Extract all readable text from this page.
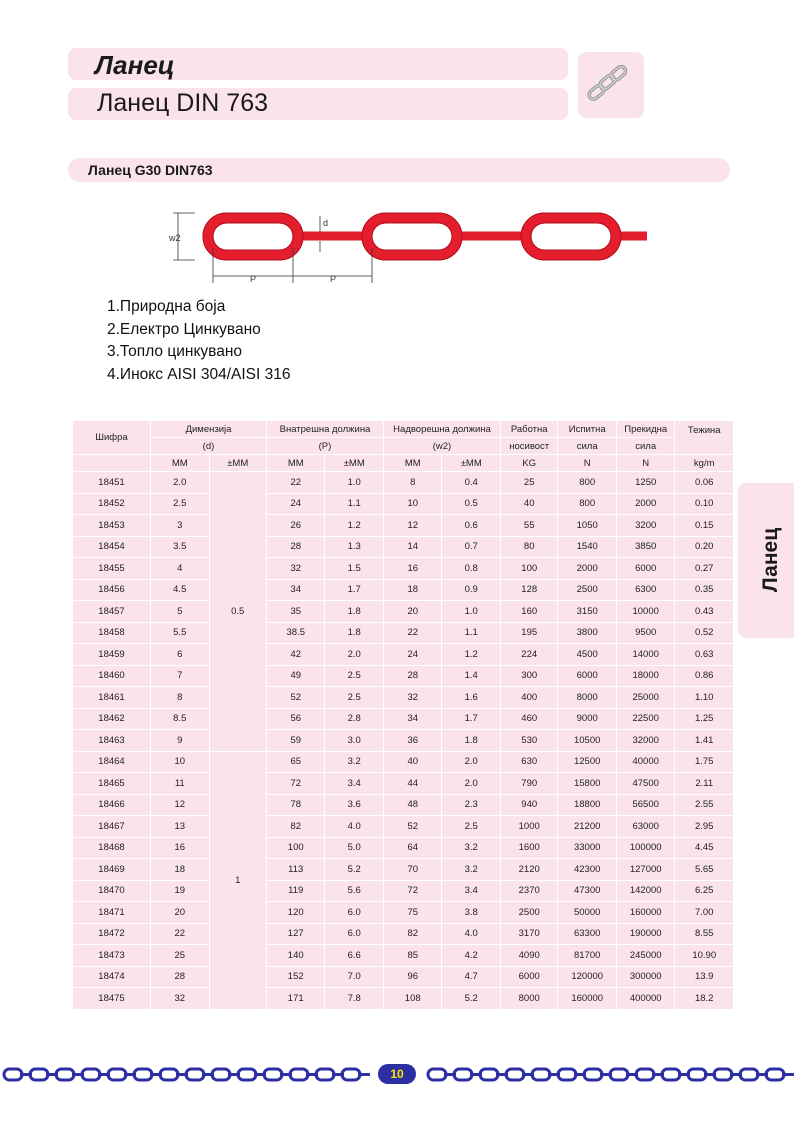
Ланец
Ланец DIN 763
Ланец G30 DIN763
w2
d
P	P
1.Природна боја
2.Електро Цинкувано
3.Топло цинкувано
4.Инокс AISI 304/AISI 316
Ланец
Шифра	Димензија		Внатрешна должина		Надворешна должина		Работна	Испитна	Прекидна	Тежина
	(d)		(P)		(w2)		носивост	сила	сила	
	MM	±MM	MM	±MM	MM	±MM	KG	N	N	kg/m
18451	2.0	0.5	22	1.0	8	0.4	25	800	1250	0.06
18452	2.5		24	1.1	10	0.5	40	800	2000	0.10
18453	3		26	1.2	12	0.6	55	1050	3200	0.15
18454	3.5		28	1.3	14	0.7	80	1540	3850	0.20
18455	4		32	1.5	16	0.8	100	2000	6000	0.27
18456	4.5		34	1.7	18	0.9	128	2500	6300	0.35
18457	5		35	1.8	20	1.0	160	3150	10000	0.43
18458	5.5		38.5	1.8	22	1.1	195	3800	9500	0.52
18459	6		42	2.0	24	1.2	224	4500	14000	0.63
18460	7		49	2.5	28	1.4	300	6000	18000	0.86
18461	8		52	2.5	32	1.6	400	8000	25000	1.10
18462	8.5		56	2.8	34	1.7	460	9000	22500	1.25
18463	9		59	3.0	36	1.8	530	10500	32000	1.41
18464	10	1	65	3.2	40	2.0	630	12500	40000	1.75
18465	11		72	3.4	44	2.0	790	15800	47500	2.11
18466	12		78	3.6	48	2.3	940	18800	56500	2.55
18467	13		82	4.0	52	2.5	1000	21200	63000	2.95
18468	16		100	5.0	64	3.2	1600	33000	100000	4.45
18469	18		113	5.2	70	3.2	2120	42300	127000	5.65
18470	19		119	5.6	72	3.4	2370	47300	142000	6.25
18471	20		120	6.0	75	3.8	2500	50000	160000	7.00
18472	22		127	6.0	82	4.0	3170	63300	190000	8.55
18473	25		140	6.6	85	4.2	4090	81700	245000	10.90
18474	28		152	7.0	96	4.7	6000	120000	300000	13.9
18475	32		171	7.8	108	5.2	8000	160000	400000	18.2
10
